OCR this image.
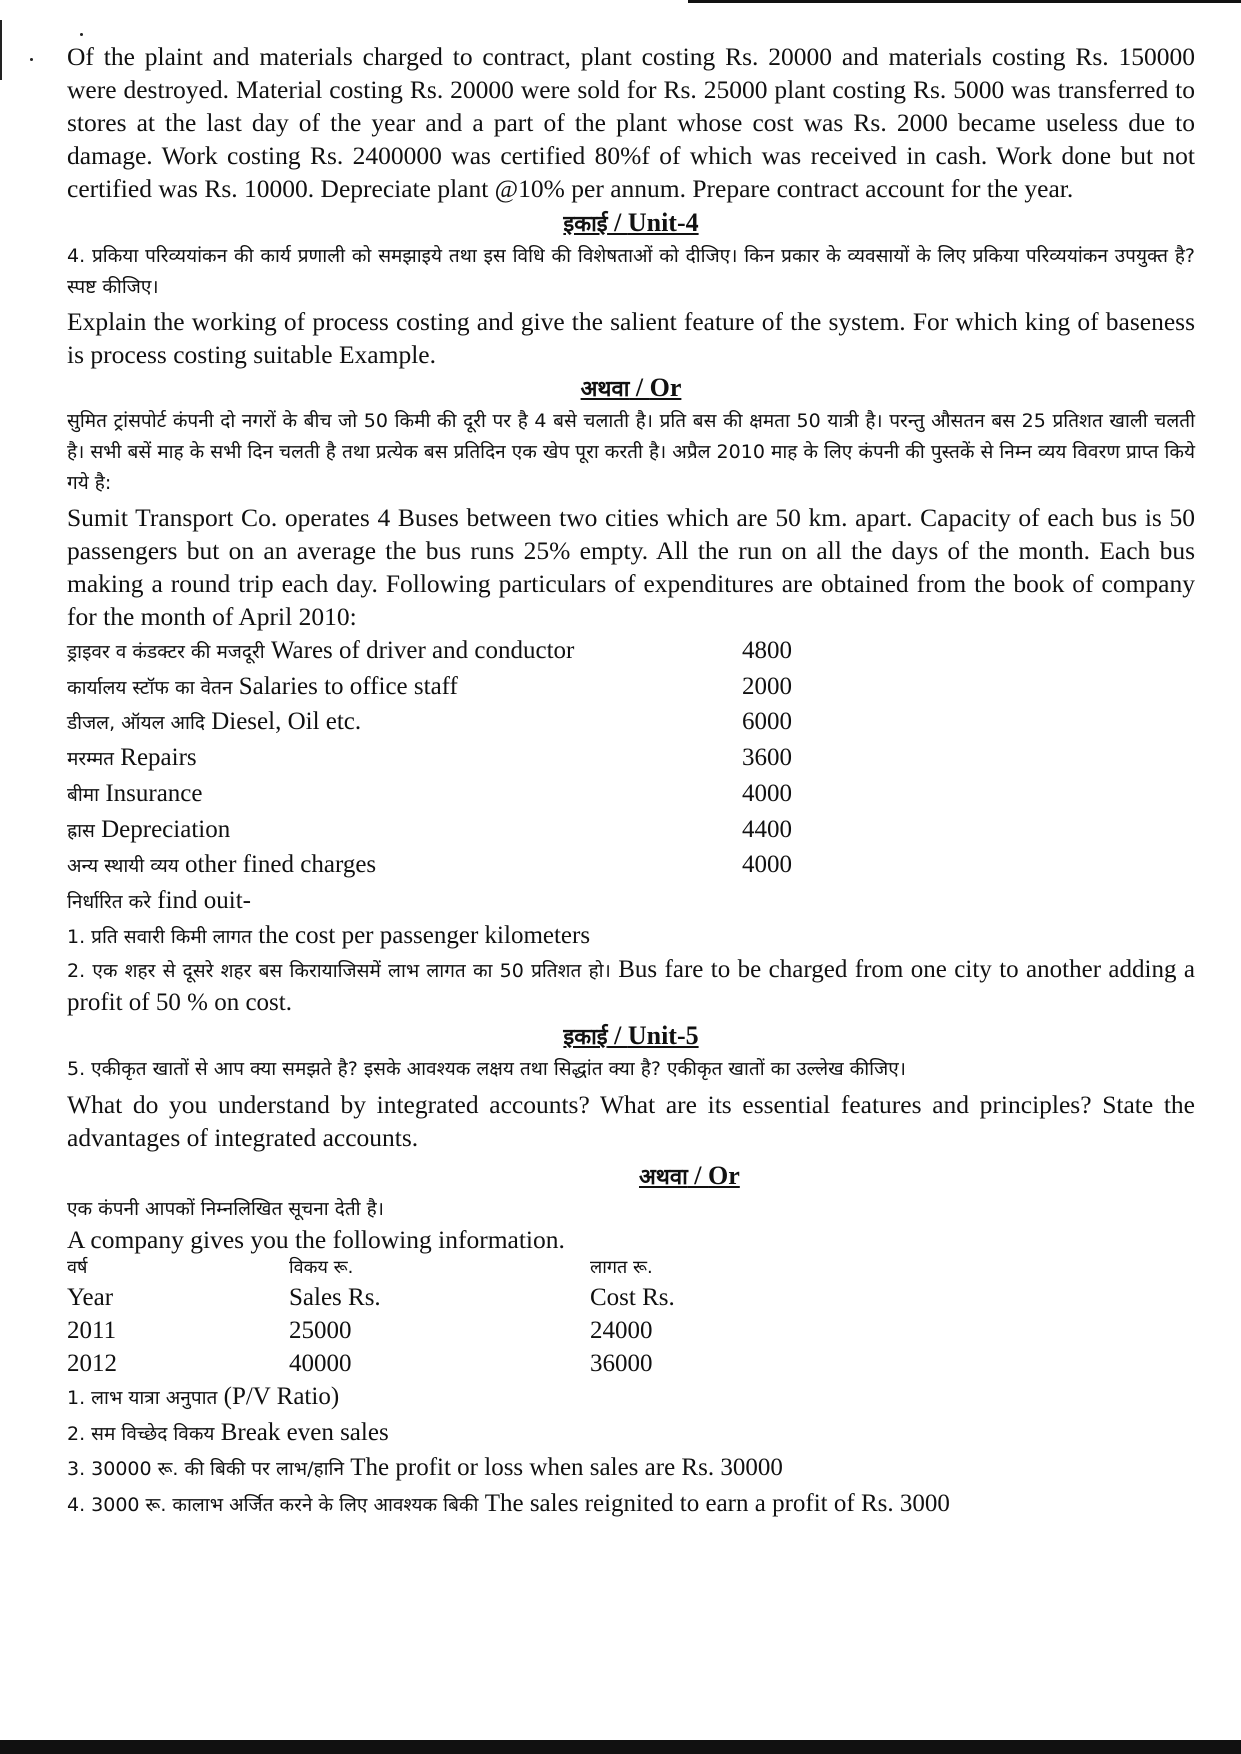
Of the plaint and materials charged to contract, plant costing Rs. 20000 and materials costing Rs. 150000 were destroyed. Material costing Rs. 20000 were sold for Rs. 25000 plant costing Rs. 5000 was transferred to stores at the last day of the year and a part of the plant whose cost was Rs. 2000 became useless due to damage. Work costing Rs. 2400000 was certified 80%f of which was received in cash. Work done but not certified was Rs. 10000. Depreciate plant @10% per annum. Prepare contract account for the year.

इकाई / Unit-4

4. प्रकिया परिव्ययांकन की कार्य प्रणाली को समझाइये तथा इस विधि की विशेषताओं को दीजिए। किन प्रकार के व्यवसायों के लिए प्रकिया परिव्ययांकन उपयुक्त है? स्पष्ट कीजिए।

Explain the working of process costing and give the salient feature of the system. For which king of baseness is process costing suitable Example.

अथवा / Or

सुमित ट्रांसपोर्ट कंपनी दो नगरों के बीच जो 50 किमी की दूरी पर है 4 बसे चलाती है। प्रति बस की क्षमता 50 यात्री है। परन्तु औसतन बस 25 प्रतिशत खाली चलती है। सभी बसें माह के सभी दिन चलती है तथा प्रत्येक बस प्रतिदिन एक खेप पूरा करती है। अप्रैल 2010 माह के लिए कंपनी की पुस्तकें से निम्न व्यय विवरण प्राप्त किये गये है:

Sumit Transport Co. operates 4 Buses between two cities which are 50 km. apart. Capacity of each bus is 50 passengers but on an average the bus runs 25% empty. All the run on all the days of the month. Each bus making a round trip each day. Following particulars of expenditures are obtained from the book of company for the month of April 2010:

ड्राइवर व कंडक्टर की मजदूरी Wares of driver and conductor	4800
कार्यालय स्टॉफ का वेतन Salaries to office staff	2000
डीजल, ऑयल आदि Diesel, Oil etc.	6000
मरम्मत Repairs	3600
बीमा Insurance	4000
ह्रास Depreciation	4400
अन्य स्थायी व्यय other fined charges	4000

निर्धारित करे find ouit-

1. प्रति सवारी किमी लागत the cost per passenger kilometers

2. एक शहर से दूसरे शहर बस किरायाजिसमें लाभ लागत का 50 प्रतिशत हो। Bus fare to be charged from one city to another adding a profit of 50 % on cost.

इकाई / Unit-5

5. एकीकृत खातों से आप क्या समझते है? इसके आवश्यक लक्षय तथा सिद्धांत क्या है? एकीकृत खातों का उल्लेख कीजिए।

What do you understand by integrated accounts? What are its essential features and principles? State the advantages of integrated accounts.

अथवा / Or

एक कंपनी आपकों निम्नलिखित सूचना देती है।

A company gives you the following information.

वर्ष	विकय रू.	लागत रू.
Year	Sales Rs.	Cost Rs.
2011	25000	24000
2012	40000	36000

1. लाभ यात्रा अनुपात (P/V Ratio)

2. सम विच्छेद विकय Break even sales

3. 30000 रू. की बिकी पर लाभ/हानि The profit or loss when sales are Rs. 30000

4. 3000 रू. कालाभ अर्जित करने के लिए आवश्यक बिकी The sales reignited to earn a profit of Rs. 3000
